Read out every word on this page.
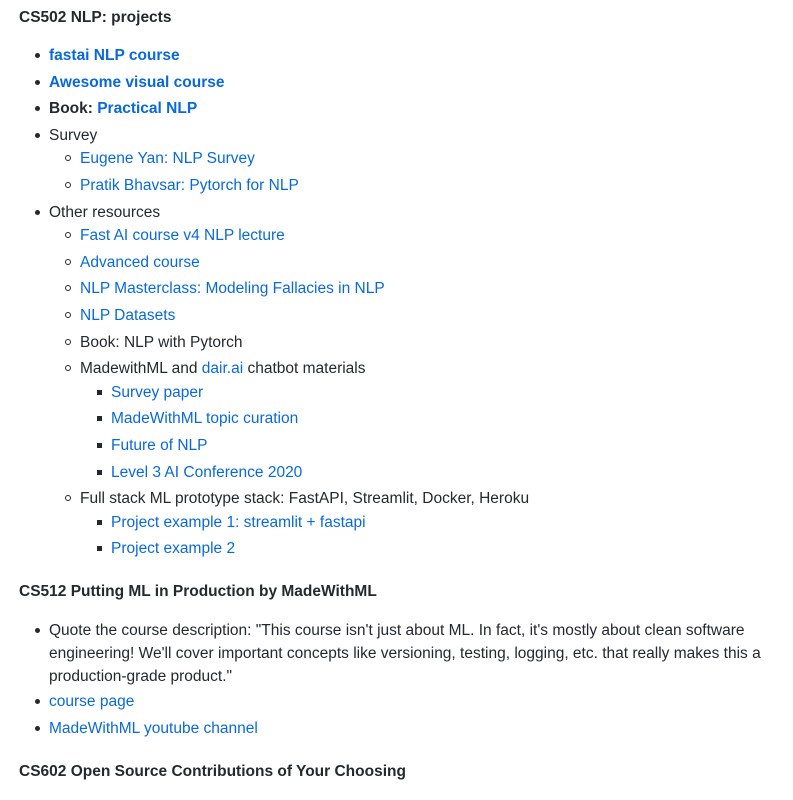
CS502 NLP: projects
fastai NLP course
Awesome visual course
Book: Practical NLP
Survey
Eugene Yan: NLP Survey
Pratik Bhavsar: Pytorch for NLP
Other resources
Fast AI course v4 NLP lecture
Advanced course
NLP Masterclass: Modeling Fallacies in NLP
NLP Datasets
Book: NLP with Pytorch
MadewithML and dair.ai chatbot materials
Survey paper
MadeWithML topic curation
Future of NLP
Level 3 AI Conference 2020
Full stack ML prototype stack: FastAPI, Streamlit, Docker, Heroku
Project example 1: streamlit + fastapi
Project example 2
CS512 Putting ML in Production by MadeWithML
Quote the course description: "This course isn't just about ML. In fact, it's mostly about clean software engineering! We'll cover important concepts like versioning, testing, logging, etc. that really makes this a production-grade product."
course page
MadeWithML youtube channel
CS602 Open Source Contributions of Your Choosing
